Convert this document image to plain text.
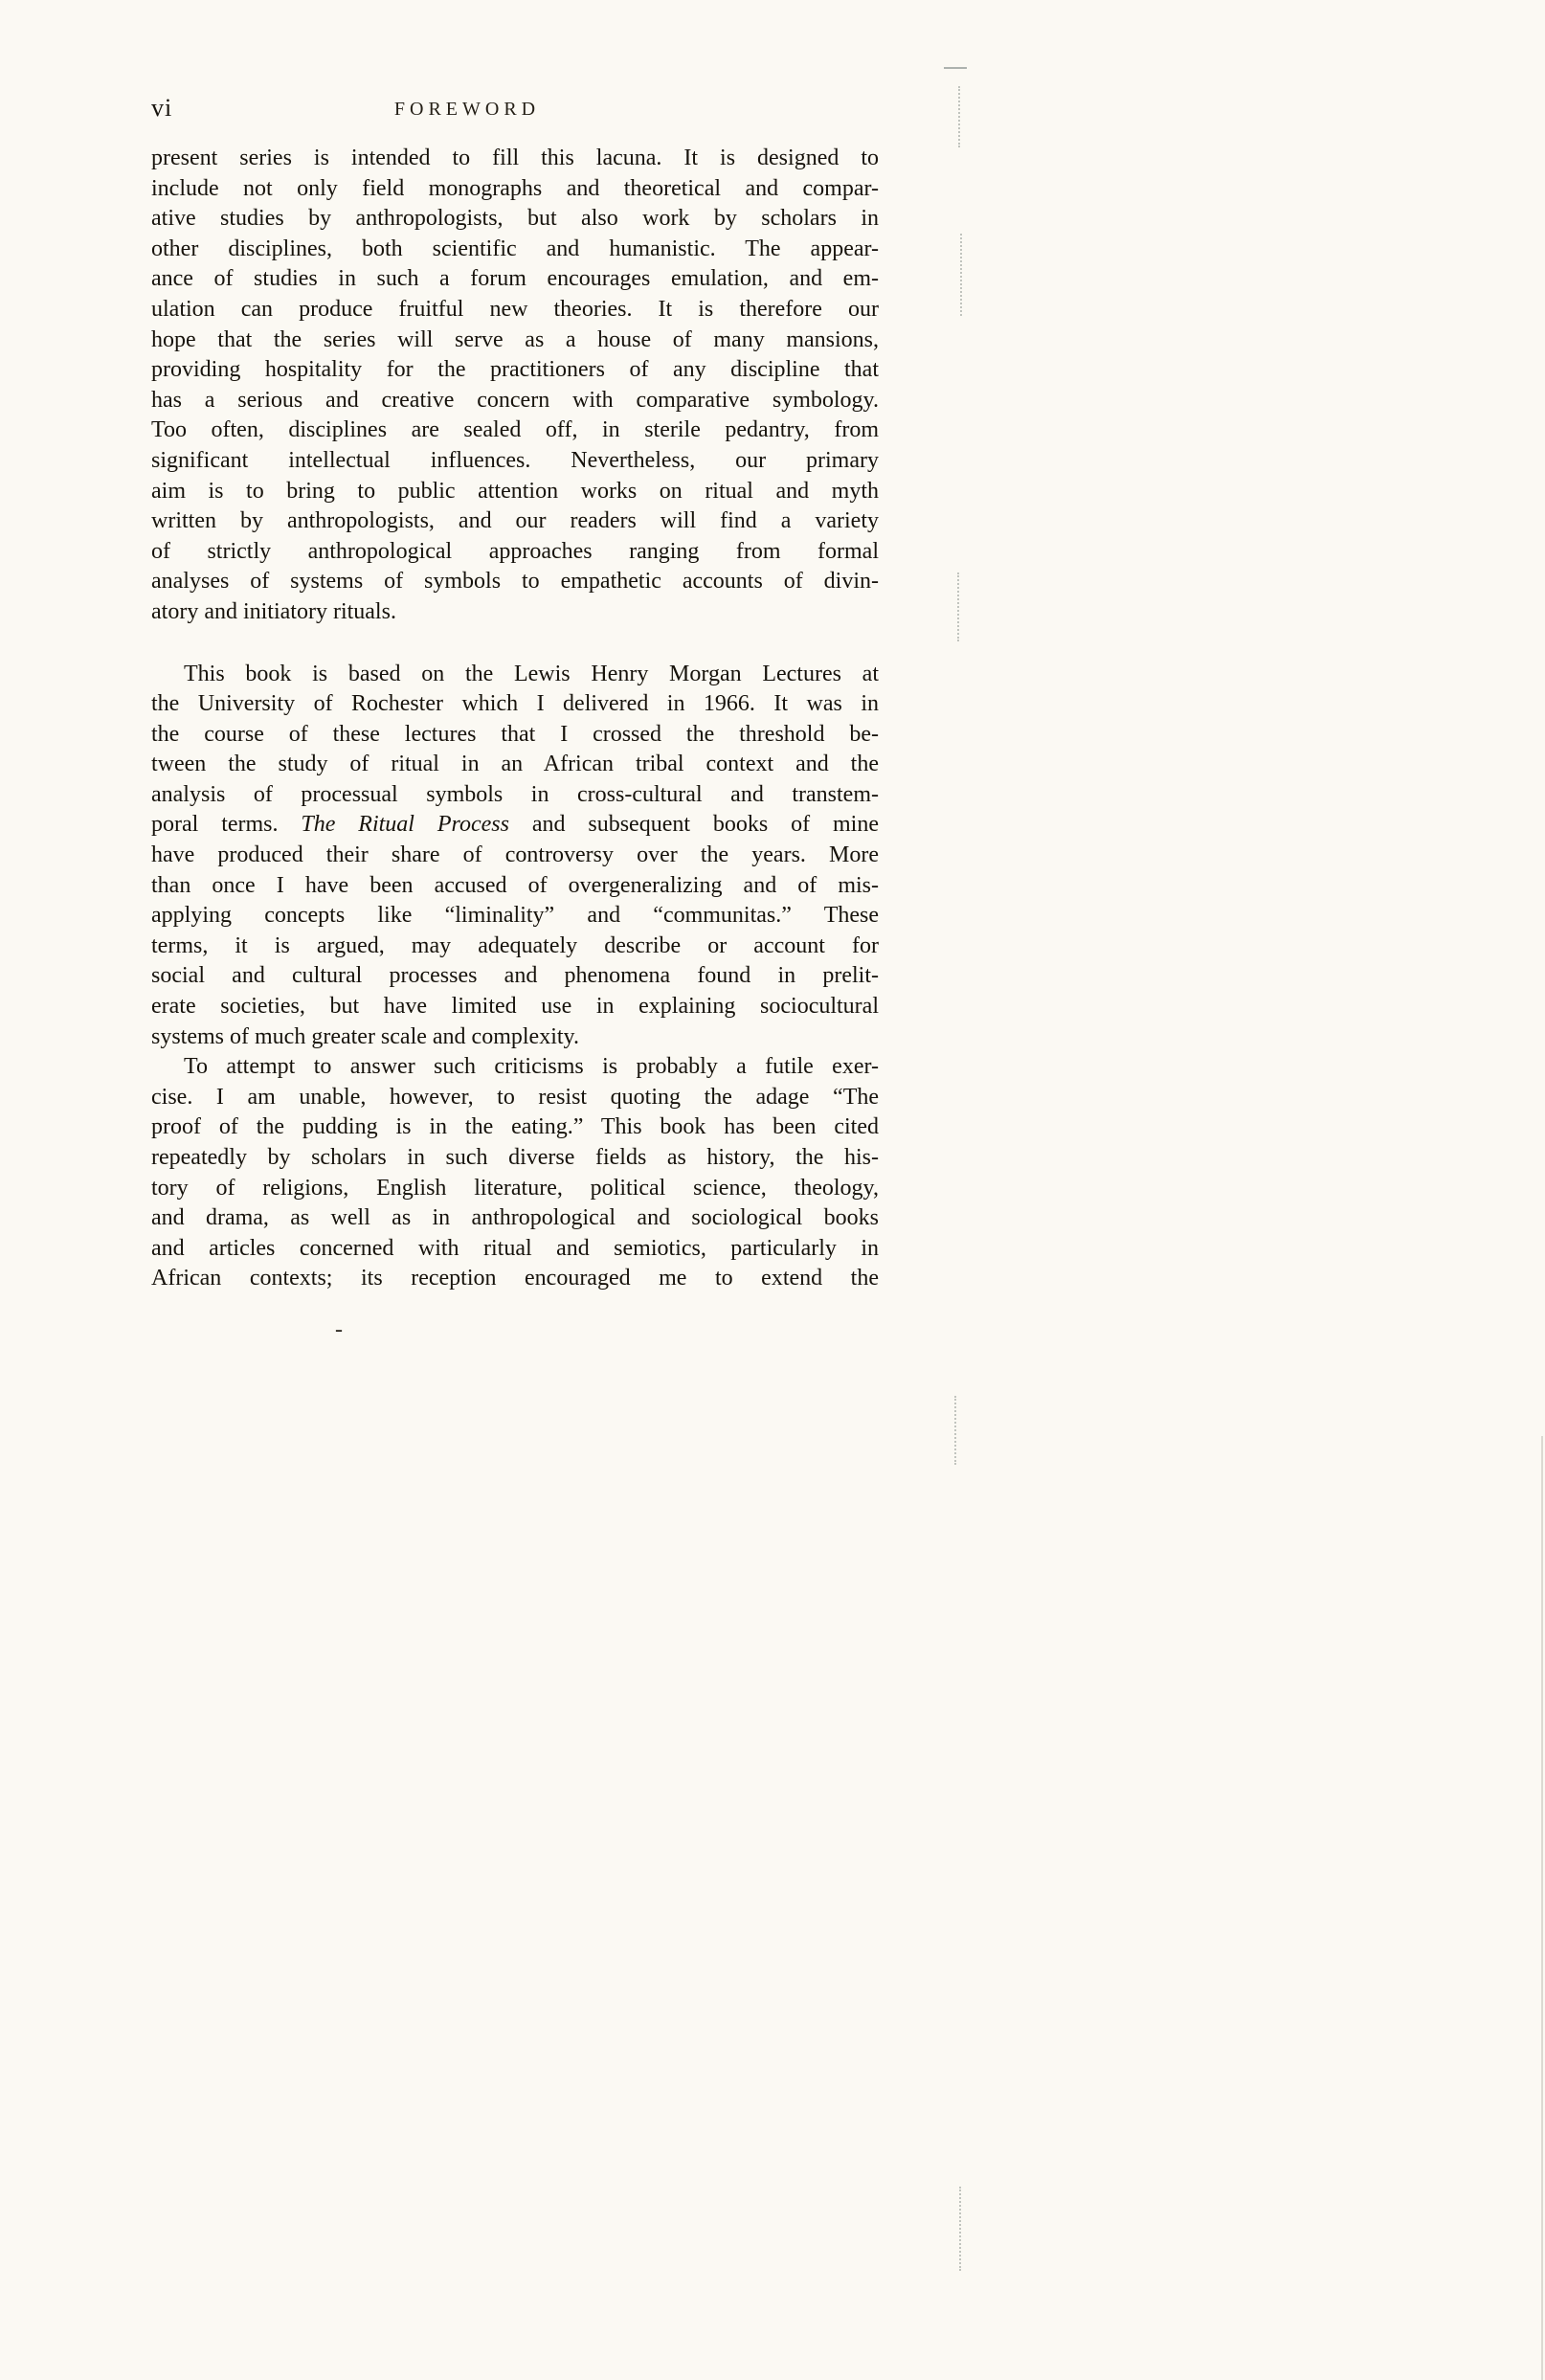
vi	FOREWORD
present series is intended to fill this lacuna. It is designed to
include not only field monographs and theoretical and compar-
ative studies by anthropologists, but also work by scholars in
other disciplines, both scientific and humanistic. The appear-
ance of studies in such a forum encourages emulation, and em-
ulation can produce fruitful new theories. It is therefore our
hope that the series will serve as a house of many mansions,
providing hospitality for the practitioners of any discipline that
has a serious and creative concern with comparative symbology.
Too often, disciplines are sealed off, in sterile pedantry, from
significant intellectual influences. Nevertheless, our primary
aim is to bring to public attention works on ritual and myth
written by anthropologists, and our readers will find a variety
of strictly anthropological approaches ranging from formal
analyses of systems of symbols to empathetic accounts of divin-
atory and initiatory rituals.
This book is based on the Lewis Henry Morgan Lectures at
the University of Rochester which I delivered in 1966. It was in
the course of these lectures that I crossed the threshold be-
tween the study of ritual in an African tribal context and the
analysis of processual symbols in cross-cultural and transtem-
poral terms. The Ritual Process and subsequent books of mine
have produced their share of controversy over the years. More
than once I have been accused of overgeneralizing and of mis-
applying concepts like “liminality” and “communitas.” These
terms, it is argued, may adequately describe or account for
social and cultural processes and phenomena found in prelit-
erate societies, but have limited use in explaining sociocultural
systems of much greater scale and complexity.
To attempt to answer such criticisms is probably a futile exer-
cise. I am unable, however, to resist quoting the adage “The
proof of the pudding is in the eating.” This book has been cited
repeatedly by scholars in such diverse fields as history, the his-
tory of religions, English literature, political science, theology,
and drama, as well as in anthropological and sociological books
and articles concerned with ritual and semiotics, particularly in
African contexts; its reception encouraged me to extend the
-
